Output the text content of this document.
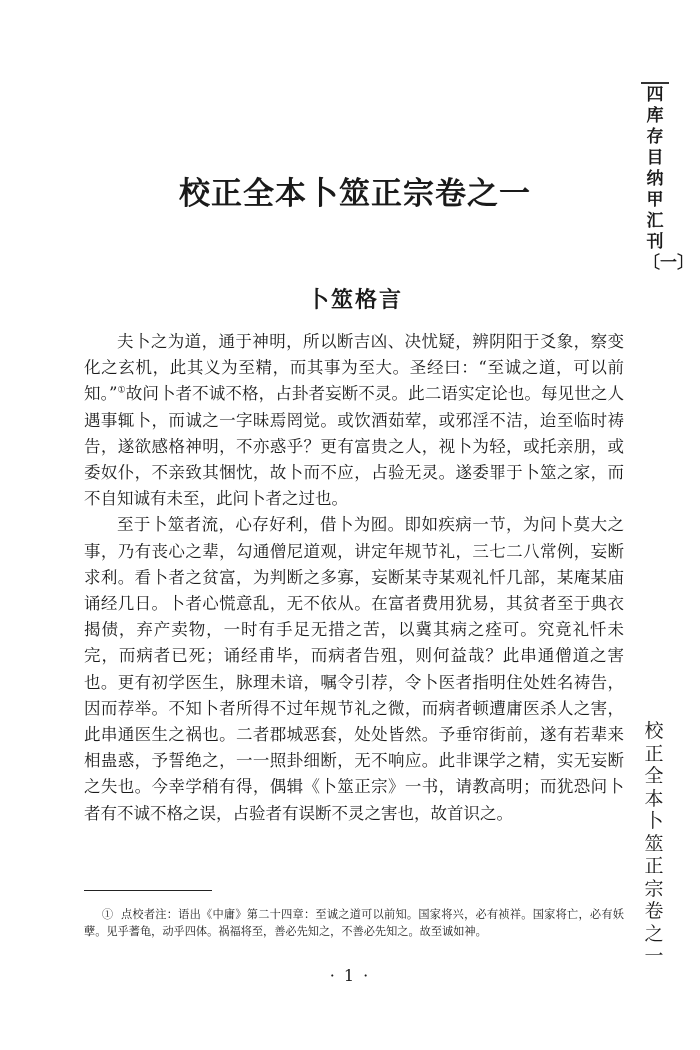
四库存目纳甲汇刊〔一〕
校正全本卜筮正宗卷之一
卜筮格言

夫卜之为道，通于神明，所以断吉凶、决忧疑，辨阴阳于爻象，察变化之玄机，此其义为至精，而其事为至大。圣经曰：“至诚之道，可以前知。”①故问卜者不诚不格，占卦者妄断不灵。此二语实定论也。每见世之人遇事辄卜，而诚之一字昧焉罔觉。或饮酒茹荤，或邪淫不洁，迨至临时祷告，遂欲感格神明，不亦惑乎？更有富贵之人，视卜为轻，或托亲朋，或委奴仆，不亲致其悃忱，故卜而不应，占验无灵。遂委罪于卜筮之家，而不自知诚有未至，此问卜者之过也。

至于卜筮者流，心存好利，借卜为囮。即如疾病一节，为问卜莫大之事，乃有丧心之辈，勾通僧尼道观，讲定年规节礼，三七二八常例，妄断求利。看卜者之贫富，为判断之多寡，妄断某寺某观礼忏几部，某庵某庙诵经几日。卜者心慌意乱，无不依从。在富者费用犹易，其贫者至于典衣揭债，弃产卖物，一时有手足无措之苦，以冀其病之痊可。究竟礼忏未完，而病者已死；诵经甫毕，而病者告殂，则何益哉？此串通僧道之害也。更有初学医生，脉理未谙，嘱令引荐，令卜医者指明住处姓名祷告，因而荐举。不知卜者所得不过年规节礼之微，而病者顿遭庸医杀人之害，此串通医生之祸也。二者郡城恶套，处处皆然。予垂帘街前，遂有若辈来相蛊惑，予誓绝之，一一照卦细断，无不响应。此非课学之精，实无妄断之失也。今幸学稍有得，偶辑《卜筮正宗》一书，请教高明；而犹恐问卜者有不诚不格之误，占验者有误断不灵之害也，故首识之。

校正全本卜筮正宗卷之一
① 点校者注：语出《中庸》第二十四章：至诚之道可以前知。国家将兴，必有祯祥。国家将亡，必有妖孽。见乎蓍龟，动乎四体。祸福将至，善必先知之，不善必先知之。故至诚如神。
· 1 ·
